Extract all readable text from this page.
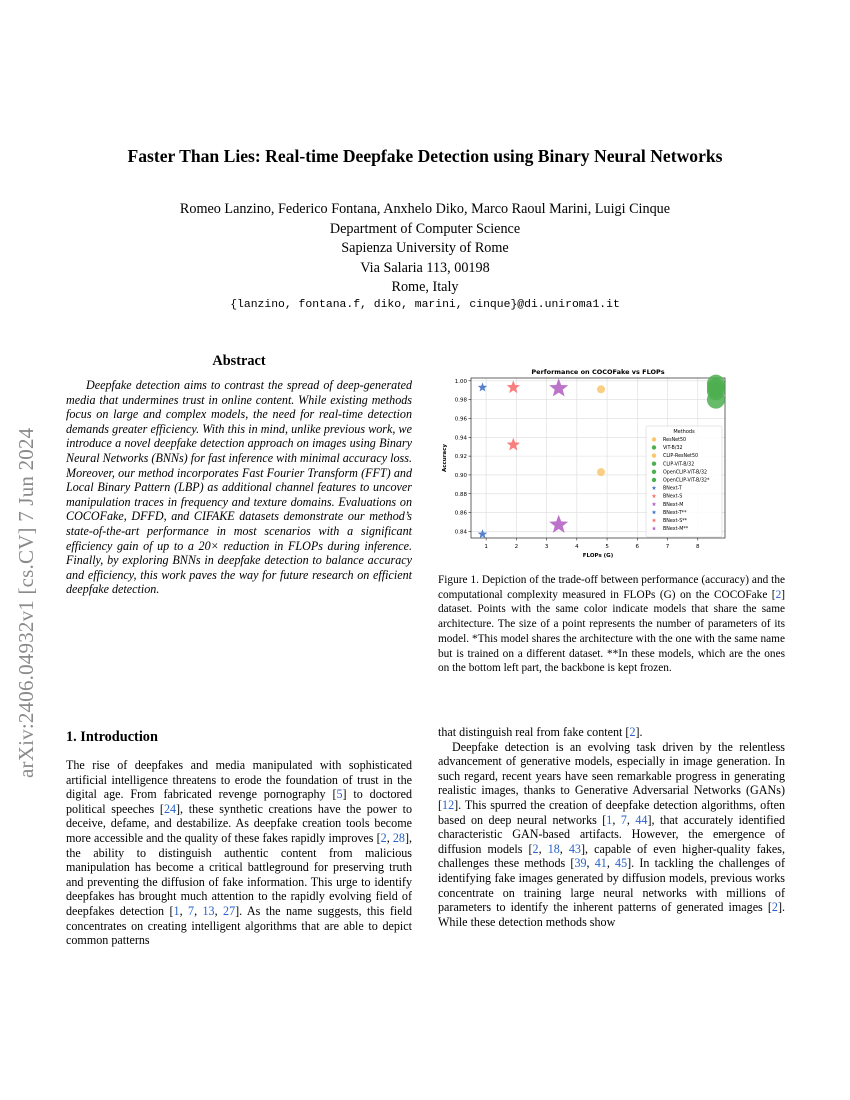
arXiv:2406.04932v1 [cs.CV] 7 Jun 2024
Faster Than Lies: Real-time Deepfake Detection using Binary Neural Networks
Romeo Lanzino, Federico Fontana, Anxhelo Diko, Marco Raoul Marini, Luigi Cinque
Department of Computer Science
Sapienza University of Rome
Via Salaria 113, 00198
Rome, Italy
{lanzino, fontana.f, diko, marini, cinque}@di.uniroma1.it
Abstract
Deepfake detection aims to contrast the spread of deep-generated media that undermines trust in online content. While existing methods focus on large and complex models, the need for real-time detection demands greater efficiency. With this in mind, unlike previous work, we introduce a novel deepfake detection approach on images using Binary Neural Networks (BNNs) for fast inference with minimal accuracy loss. Moreover, our method incorporates Fast Fourier Transform (FFT) and Local Binary Pattern (LBP) as additional channel features to uncover manipulation traces in frequency and texture domains. Evaluations on COCOFake, DFFD, and CIFAKE datasets demonstrate our method’s state-of-the-art performance in most scenarios with a significant efficiency gain of up to a 20× reduction in FLOPs during inference. Finally, by exploring BNNs in deepfake detection to balance accuracy and efficiency, this work paves the way for future research on efficient deepfake detection.
1. Introduction
The rise of deepfakes and media manipulated with sophisticated artificial intelligence threatens to erode the foundation of trust in the digital age. From fabricated revenge pornography [5] to doctored political speeches [24], these synthetic creations have the power to deceive, defame, and destabilize. As deepfake creation tools become more accessible and the quality of these fakes rapidly improves [2, 28], the ability to distinguish authentic content from malicious manipulation has become a critical battleground for preserving truth and preventing the diffusion of fake information. This urge to identify deepfakes has brought much attention to the rapidly evolving field of deepfakes detection [1, 7, 13, 27]. As the name suggests, this field concentrates on creating intelligent algorithms that are able to depict common patterns
1	2	3	4	5	6	7	8
0.84
0.86
0.88
0.90
0.92
0.94
0.96
0.98
1.00
Performance on COCOFake vs FLOPs
FLOPs (G)
Accuracy
Methods
ResNet50
ViT-B/32
CLIP-ResNet50
CLIP-ViT-B/32
OpenCLIP-ViT-B/32
OpenCLIP-ViT-B/32*
BNext-T
BNext-S
BNext-M
BNext-T**
BNext-S**
BNext-M**
Figure 1. Depiction of the trade-off between performance (accuracy) and the computational complexity measured in FLOPs (G) on the COCOFake [2] dataset. Points with the same color indicate models that share the same architecture. The size of a point represents the number of parameters of its model. *This model shares the architecture with the one with the same name but is trained on a different dataset. **In these models, which are the ones on the bottom left part, the backbone is kept frozen.

that distinguish real from fake content [2].

Deepfake detection is an evolving task driven by the relentless advancement of generative models, especially in image generation. In such regard, recent years have seen remarkable progress in generating realistic images, thanks to Generative Adversarial Networks (GANs) [12]. This spurred the creation of deepfake detection algorithms, often based on deep neural networks [1, 7, 44], that accurately identified characteristic GAN-based artifacts. However, the emergence of diffusion models [2, 18, 43], capable of even higher-quality fakes, challenges these methods [39, 41, 45]. In tackling the challenges of identifying fake images generated by diffusion models, previous works concentrate on training large neural networks with millions of parameters to identify the inherent patterns of generated images [2]. While these detection methods show
